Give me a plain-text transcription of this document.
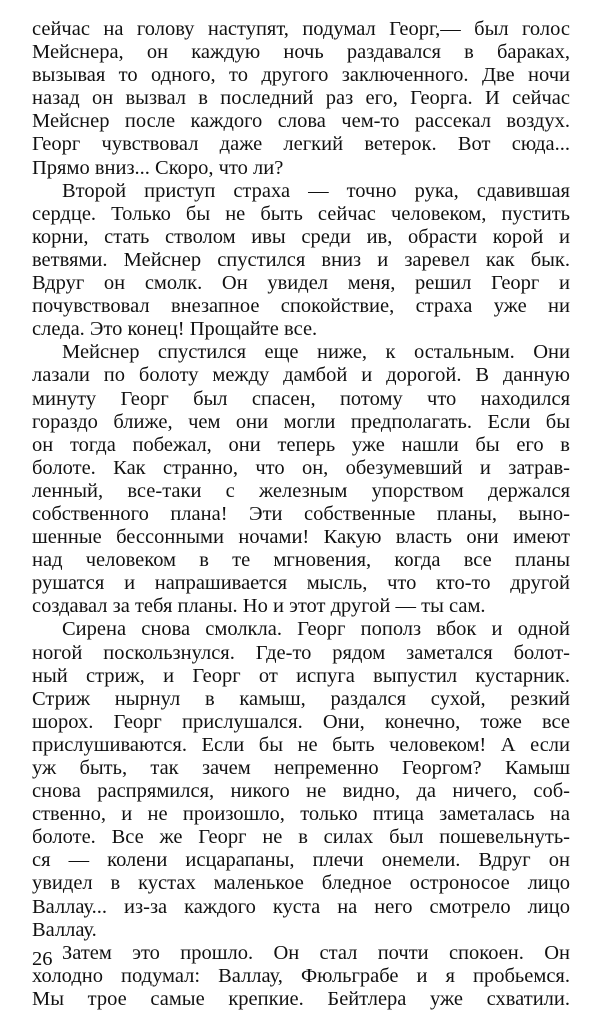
сейчас на голову наступят, подумал Георг,— был голос
Мейснера, он каждую ночь раздавался в бараках,
вызывая то одного, то другого заключенного. Две ночи
назад он вызвал в последний раз его, Георга. И сейчас
Мейснер после каждого слова чем-то рассекал воздух.
Георг чувствовал даже легкий ветерок. Вот сюда...
Прямо вниз... Скоро, что ли?
Второй приступ страха — точно рука, сдавившая
сердце. Только бы не быть сейчас человеком, пустить
корни, стать стволом ивы среди ив, обрасти корой и
ветвями. Мейснер спустился вниз и заревел как бык.
Вдруг он смолк. Он увидел меня, решил Георг и
почувствовал внезапное спокойствие, страха уже ни
следа. Это конец! Прощайте все.
Мейснер спустился еще ниже, к остальным. Они
лазали по болоту между дамбой и дорогой. В данную
минуту Георг был спасен, потому что находился
гораздо ближе, чем они могли предполагать. Если бы
он тогда побежал, они теперь уже нашли бы его в
болоте. Как странно, что он, обезумевший и затрав-
ленный, все-таки с железным упорством держался
собственного плана! Эти собственные планы, выно-
шенные бессонными ночами! Какую власть они имеют
над человеком в те мгновения, когда все планы
рушатся и напрашивается мысль, что кто-то другой
создавал за тебя планы. Но и этот другой — ты сам.
Сирена снова смолкла. Георг пополз вбок и одной
ногой поскользнулся. Где-то рядом заметался болот-
ный стриж, и Георг от испуга выпустил кустарник.
Стриж нырнул в камыш, раздался сухой, резкий
шорох. Георг прислушался. Они, конечно, тоже все
прислушиваются. Если бы не быть человеком! А если
уж быть, так зачем непременно Георгом? Камыш
снова распрямился, никого не видно, да ничего, соб-
ственно, и не произошло, только птица заметалась на
болоте. Все же Георг не в силах был пошевельнуть-
ся — колени исцарапаны, плечи онемели. Вдруг он
увидел в кустах маленькое бледное остроносое лицо
Валлау... из-за каждого куста на него смотрело лицо
Валлау.
Затем это прошло. Он стал почти спокоен. Он
холодно подумал: Валлау, Фюльграбе и я пробьемся.
Мы трое самые крепкие. Бейтлера уже схватили.
26
